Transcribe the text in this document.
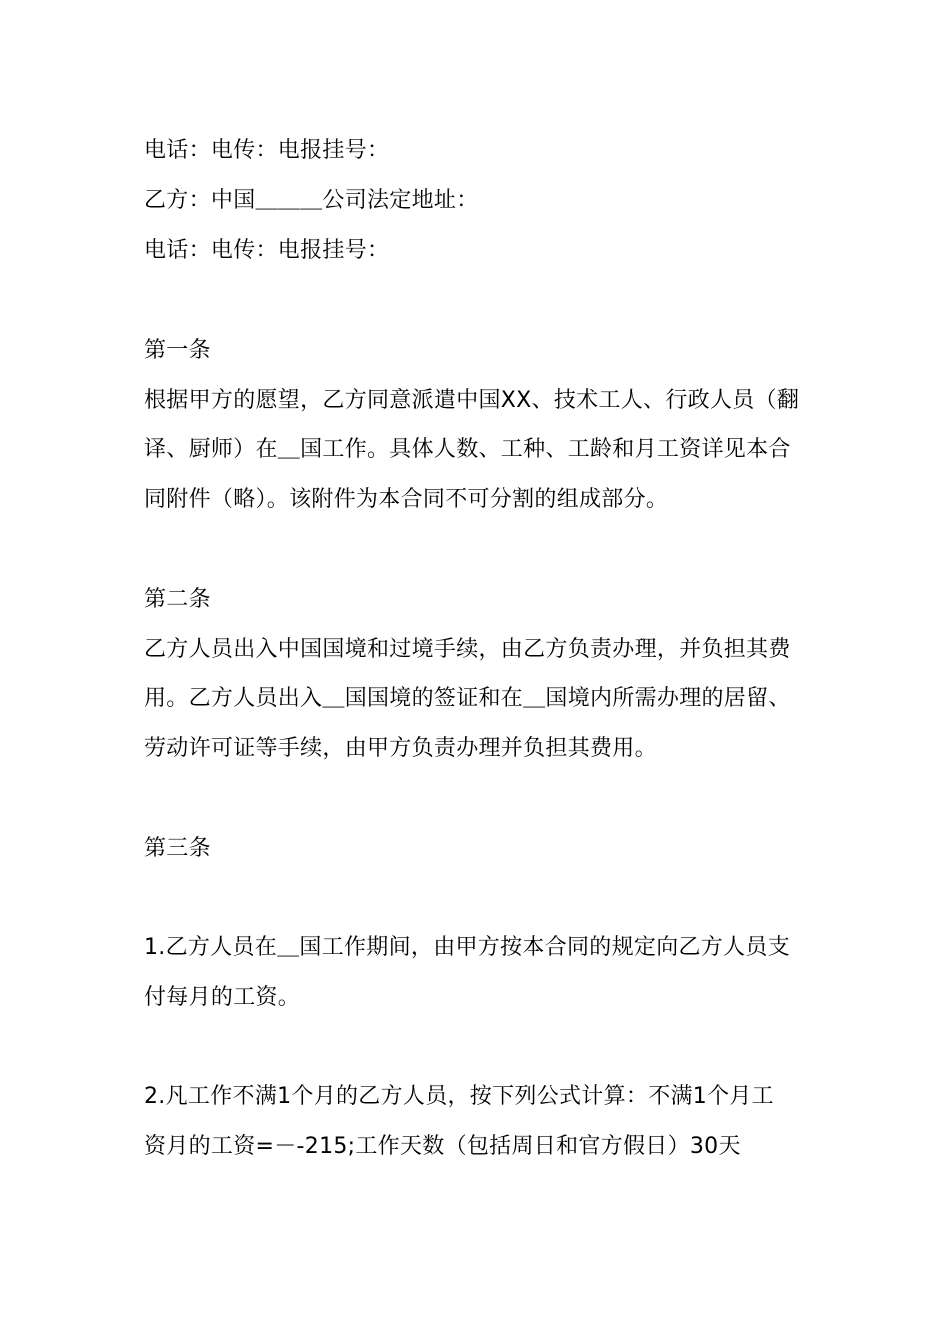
电话：电传：电报挂号：
乙方：中国＿＿＿公司法定地址：
电话：电传：电报挂号：
第一条
根据甲方的愿望，乙方同意派遣中国XX、技术工人、行政人员（翻
译、厨师）在＿国工作。具体人数、工种、工龄和月工资详见本合
同附件（略）。该附件为本合同不可分割的组成部分。
第二条
乙方人员出入中国国境和过境手续，由乙方负责办理，并负担其费
用。乙方人员出入＿国国境的签证和在＿国境内所需办理的居留、
劳动许可证等手续，由甲方负责办理并负担其费用。
第三条
1.乙方人员在＿国工作期间，由甲方按本合同的规定向乙方人员支
付每月的工资。
2.凡工作不满1个月的乙方人员，按下列公式计算：不满1个月工
资月的工资=－-215;工作天数（包括周日和官方假日）30天
